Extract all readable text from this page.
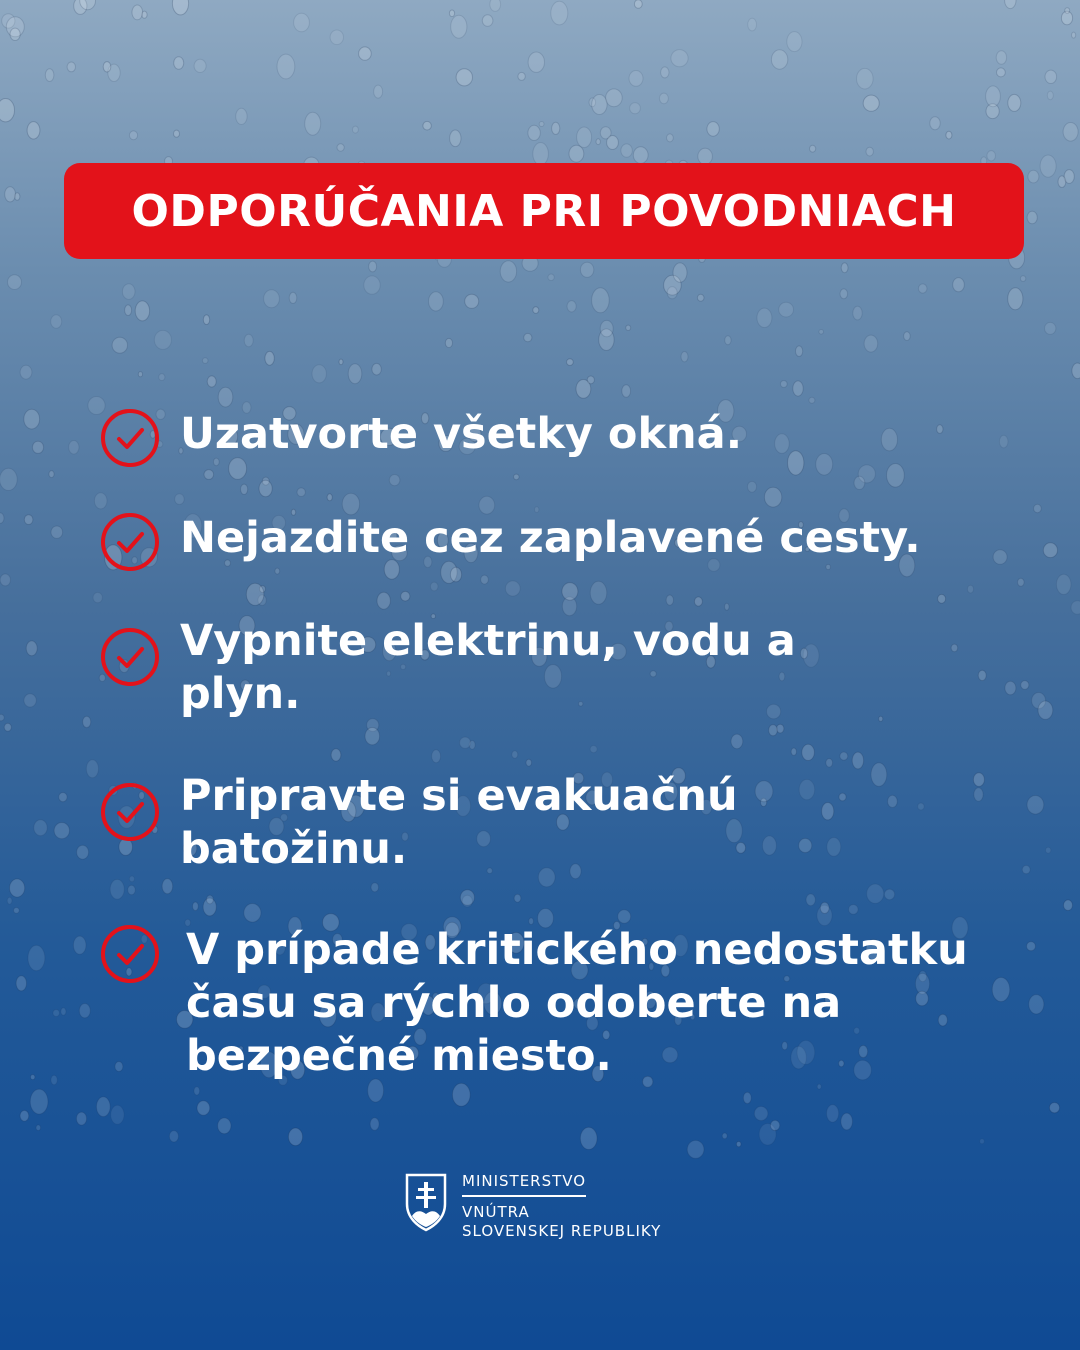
ODPORÚČANIA PRI POVODNIACH
Uzatvorte všetky okná.
Nejazdite cez zaplavené cesty.
Vypnite elektrinu, vodu a plyn.
Pripravte si evakuačnú batožinu.
V prípade kritického nedostatku času sa rýchlo odoberte na bezpečné miesto.
MINISTERSTVO
VNÚTRA
SLOVENSKEJ REPUBLIKY
